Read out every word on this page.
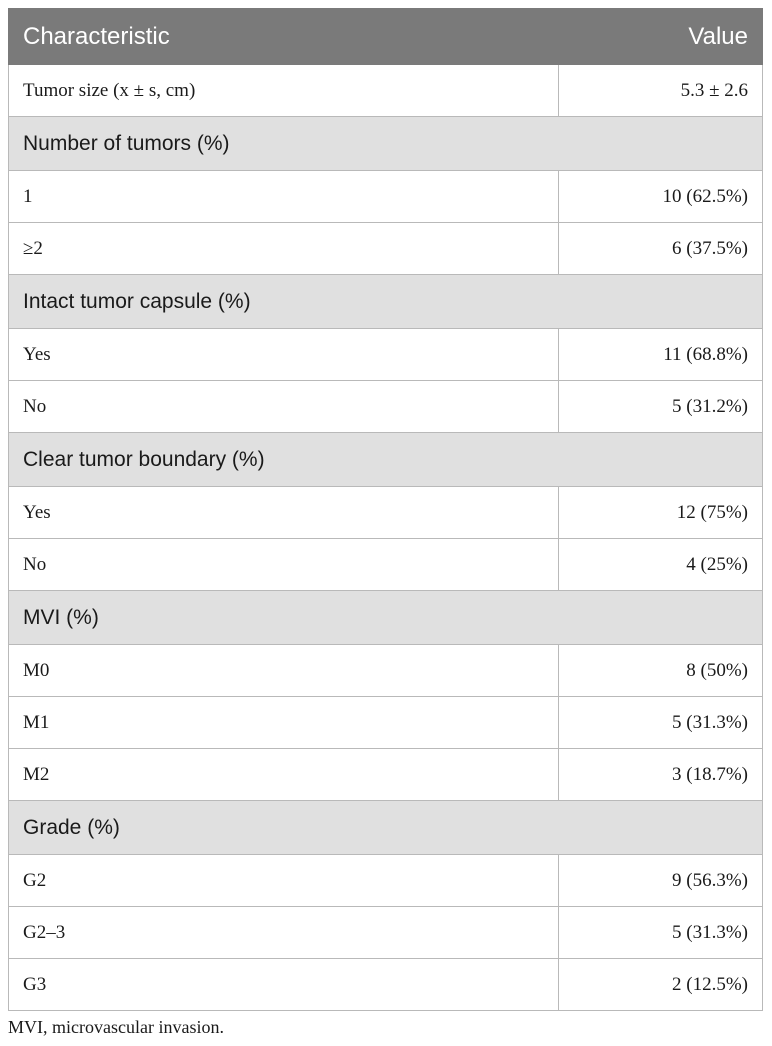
Characteristic	Value
Tumor size (x ± s, cm)	5.3 ± 2.6
Number of tumors (%)	
1	10 (62.5%)
≥2	6 (37.5%)
Intact tumor capsule (%)	
Yes	11 (68.8%)
No	5 (31.2%)
Clear tumor boundary (%)	
Yes	12 (75%)
No	4 (25%)
MVI (%)	
M0	8 (50%)
M1	5 (31.3%)
M2	3 (18.7%)
Grade (%)	
G2	9 (56.3%)
G2–3	5 (31.3%)
G3	2 (12.5%)
MVI, microvascular invasion.
